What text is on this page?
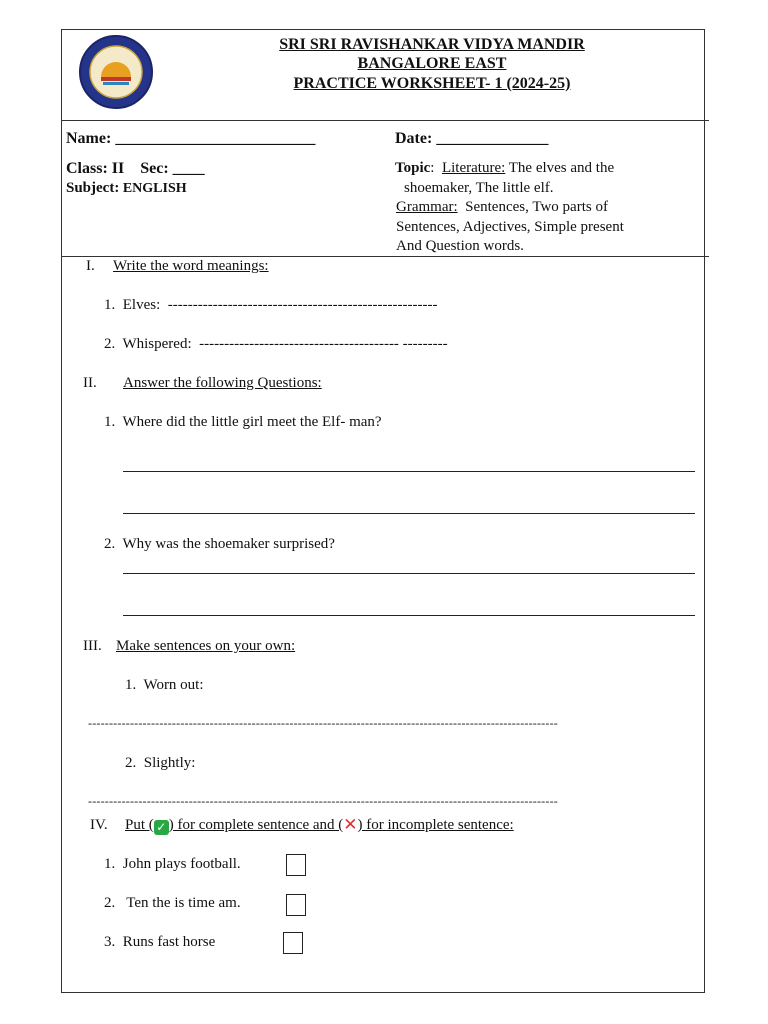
SRI SRI RAVISHANKAR VIDYA MANDIR
BANGALORE EAST
PRACTICE WORKSHEET- 1 (2024-25)
Name: _________________________	Date: ______________
Class: II Sec: ____
Subject: ENGLISH
Topic:  Literature: The elves and the
shoemaker, The little elf.
Grammar: Sentences, Two parts of
Sentences, Adjectives, Simple present
And Question words.
I. Write the word meanings:
1. Elves: ------------------------------------------------------
2. Whispered: ---------------------------------------- ---------
II. Answer the following Questions:
1. Where did the little girl meet the Elf- man?
2. Why was the shoemaker surprised?
III. Make sentences on your own:
1. Worn out:
----------------------------------------------------------------------------------------------------------------
2. Slightly:
----------------------------------------------------------------------------------------------------------------
IV. Put ( ✓ ) for complete sentence and (✕) for incomplete sentence:
1. John plays football.
2. Ten the is time am.
3. Runs fast horse
